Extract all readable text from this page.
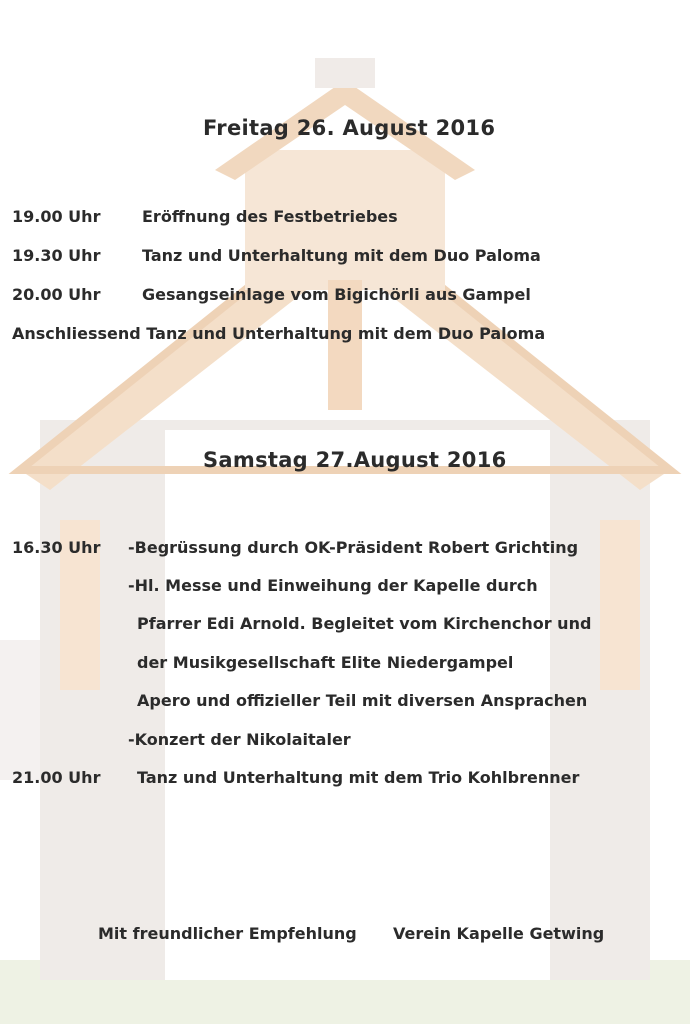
Freitag 26. August 2016
19.00 Uhr	Eröffnung des Festbetriebes
19.30 Uhr	Tanz und Unterhaltung mit dem Duo Paloma
20.00 Uhr	Gesangseinlage vom Bigichörli aus Gampel
Anschliessend Tanz und Unterhaltung mit dem Duo Paloma
Samstag 27.August 2016
16.30 Uhr -Begrüssung durch OK-Präsident Robert Grichting
-Hl. Messe und Einweihung der Kapelle durch
Pfarrer Edi Arnold. Begleitet vom Kirchenchor und
der Musikgesellschaft Elite Niedergampel
Apero und offizieller Teil mit diversen Ansprachen
-Konzert der Nikolaitaler
21.00 Uhr Tanz und Unterhaltung mit dem Trio Kohlbrenner
Mit freundlicher Empfehlung Verein Kapelle Getwing
